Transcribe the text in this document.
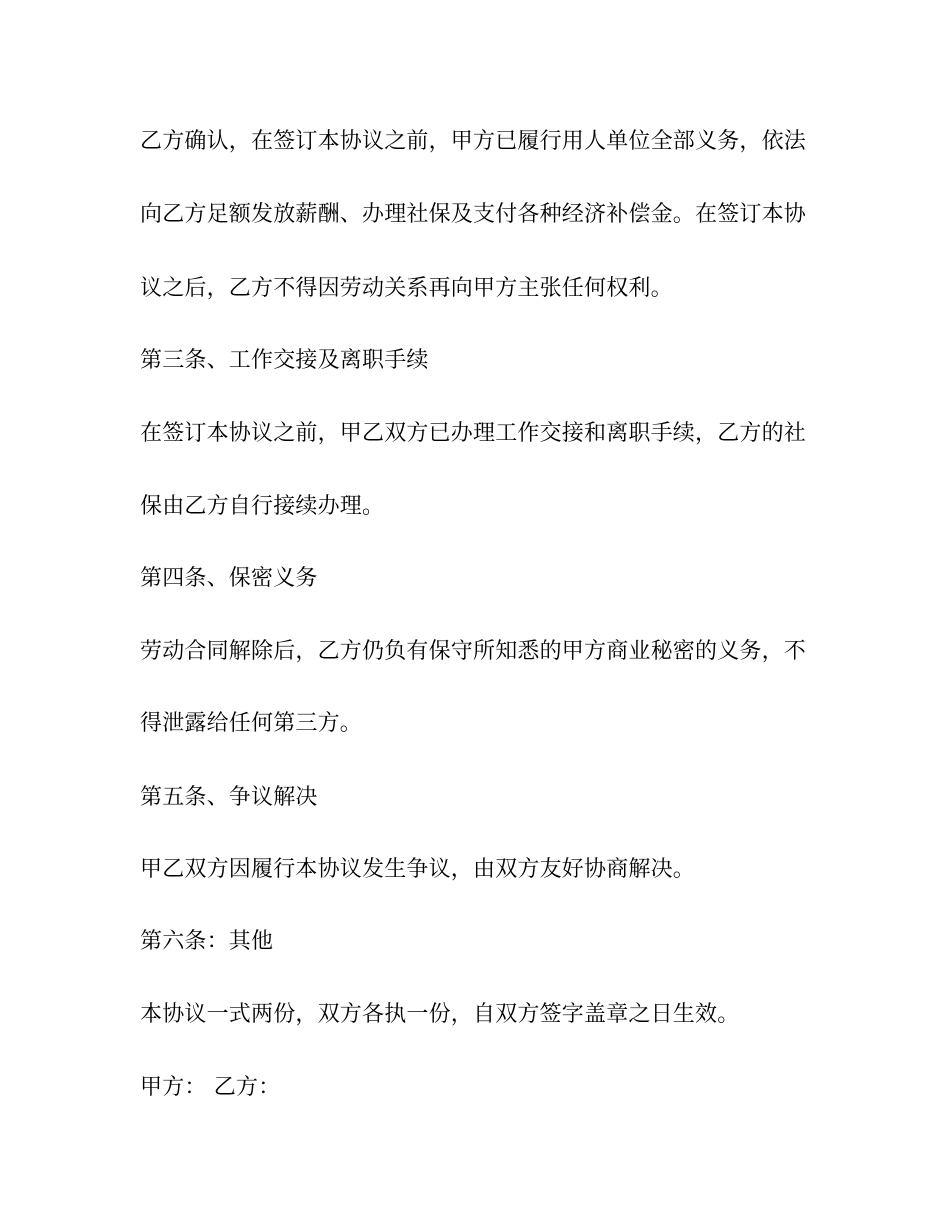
乙方确认，在签订本协议之前，甲方已履行用人单位全部义务，依法
向乙方足额发放薪酬、办理社保及支付各种经济补偿金。在签订本协
议之后，乙方不得因劳动关系再向甲方主张任何权利。
第三条、工作交接及离职手续
在签订本协议之前，甲乙双方已办理工作交接和离职手续，乙方的社
保由乙方自行接续办理。
第四条、保密义务
劳动合同解除后，乙方仍负有保守所知悉的甲方商业秘密的义务，不
得泄露给任何第三方。
第五条、争议解决
甲乙双方因履行本协议发生争议，由双方友好协商解决。
第六条：其他
本协议一式两份，双方各执一份，自双方签字盖章之日生效。
甲方： 乙方：
